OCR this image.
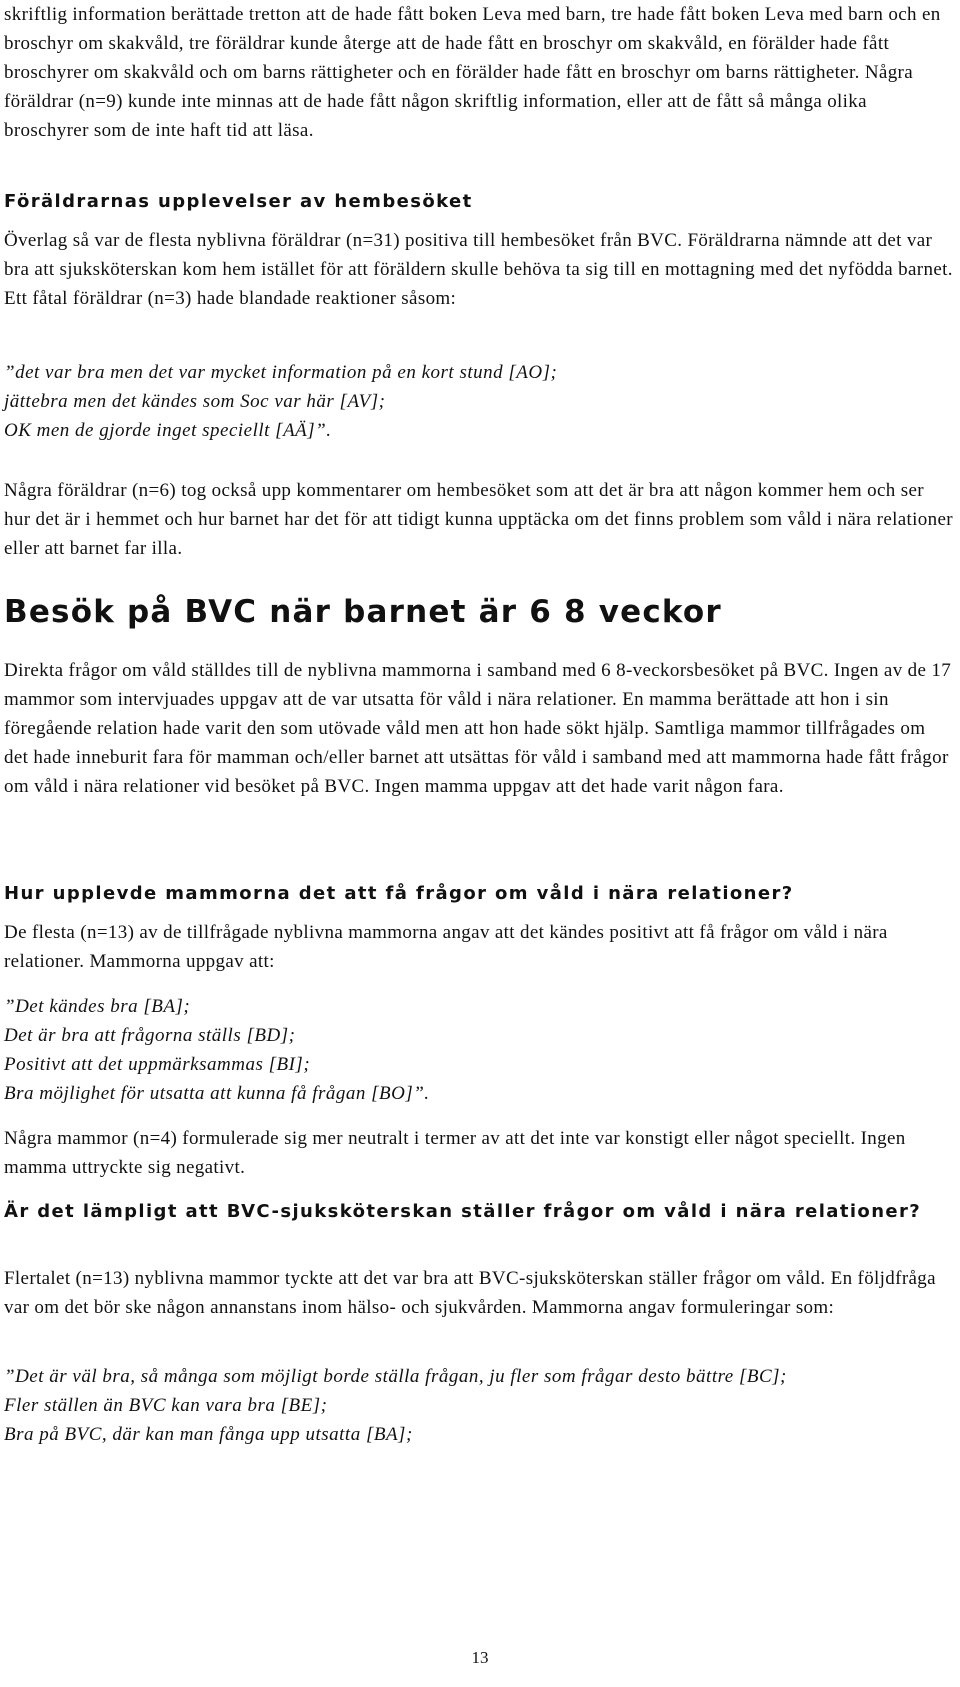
skriftlig information berättade tretton att de hade fått boken Leva med barn, tre hade fått boken Leva med barn och en broschyr om skakvåld, tre föräldrar kunde återge att de hade fått en broschyr om skakvåld, en förälder hade fått broschyrer om skakvåld och om barns rättigheter och en förälder hade fått en broschyr om barns rättigheter. Några föräldrar (n=9) kunde inte minnas att de hade fått någon skriftlig information, eller att de fått så många olika broschyrer som de inte haft tid att läsa.

Föräldrarnas upplevelser av hembesöket

Överlag så var de flesta nyblivna föräldrar (n=31) positiva till hembesöket från BVC. Föräldrarna nämnde att det var bra att sjuksköterskan kom hem istället för att föräldern skulle behöva ta sig till en mottagning med det nyfödda barnet. Ett fåtal föräldrar (n=3) hade blandade reaktioner såsom:

”det var bra men det var mycket information på en kort stund [AO];
jättebra men det kändes som Soc var här [AV];
OK men de gjorde inget speciellt [AÄ]”.

Några föräldrar (n=6) tog också upp kommentarer om hembesöket som att det är bra att någon kommer hem och ser hur det är i hemmet och hur barnet har det för att tidigt kunna upptäcka om det finns problem som våld i nära relationer eller att barnet far illa.

Besök på BVC när barnet är 6 8 veckor

Direkta frågor om våld ställdes till de nyblivna mammorna i samband med 6 8-veckorsbesöket på BVC. Ingen av de 17 mammor som intervjuades uppgav att de var utsatta för våld i nära relationer. En mamma berättade att hon i sin föregående relation hade varit den som utövade våld men att hon hade sökt hjälp. Samtliga mammor tillfrågades om det hade inneburit fara för mamman och/eller barnet att utsättas för våld i samband med att mammorna hade fått frågor om våld i nära relationer vid besöket på BVC. Ingen mamma uppgav att det hade varit någon fara.

Hur upplevde mammorna det att få frågor om våld i nära relationer?

De flesta (n=13) av de tillfrågade nyblivna mammorna angav att det kändes positivt att få frågor om våld i nära relationer. Mammorna uppgav att:

”Det kändes bra [BA];
Det är bra att frågorna ställs [BD];
Positivt att det uppmärksammas [BI];
Bra möjlighet för utsatta att kunna få frågan [BO]”.

Några mammor (n=4) formulerade sig mer neutralt i termer av att det inte var konstigt eller något speciellt. Ingen mamma uttryckte sig negativt.

Är det lämpligt att BVC-sjuksköterskan ställer frågor om våld i nära relationer?

Flertalet (n=13) nyblivna mammor tyckte att det var bra att BVC-sjuksköterskan ställer frågor om våld. En följdfråga var om det bör ske någon annanstans inom hälso- och sjukvården. Mammorna angav formuleringar som:

”Det är väl bra, så många som möjligt borde ställa frågan, ju fler som frågar desto bättre [BC];
Fler ställen än BVC kan vara bra [BE];
Bra på BVC, där kan man fånga upp utsatta [BA];
13
